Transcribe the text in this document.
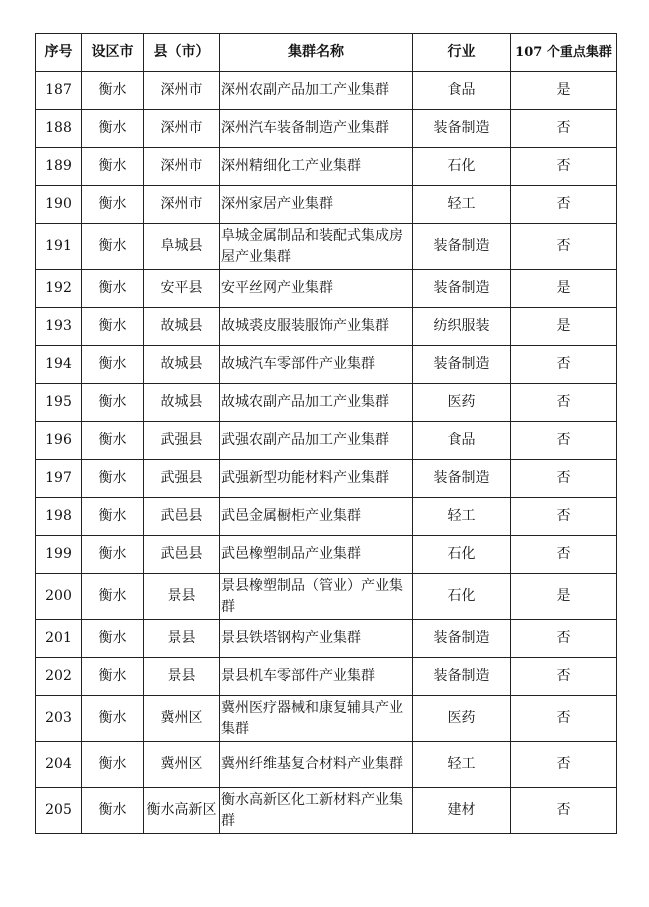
序号	设区市	县（市）	集群名称	行业	107 个重点集群
187	衡水	深州市	深州农副产品加工产业集群	食品	是
188	衡水	深州市	深州汽车装备制造产业集群	装备制造	否
189	衡水	深州市	深州精细化工产业集群	石化	否
190	衡水	深州市	深州家居产业集群	轻工	否
191	衡水	阜城县	阜城金属制品和装配式集成房屋产业集群	装备制造	否
192	衡水	安平县	安平丝网产业集群	装备制造	是
193	衡水	故城县	故城裘皮服装服饰产业集群	纺织服装	是
194	衡水	故城县	故城汽车零部件产业集群	装备制造	否
195	衡水	故城县	故城农副产品加工产业集群	医药	否
196	衡水	武强县	武强农副产品加工产业集群	食品	否
197	衡水	武强县	武强新型功能材料产业集群	装备制造	否
198	衡水	武邑县	武邑金属橱柜产业集群	轻工	否
199	衡水	武邑县	武邑橡塑制品产业集群	石化	否
200	衡水	景县	景县橡塑制品（管业）产业集群	石化	是
201	衡水	景县	景县铁塔钢构产业集群	装备制造	否
202	衡水	景县	景县机车零部件产业集群	装备制造	否
203	衡水	冀州区	冀州医疗器械和康复辅具产业集群	医药	否
204	衡水	冀州区	冀州纤维基复合材料产业集群	轻工	否
205	衡水	衡水高新区	衡水高新区化工新材料产业集群	建材	否
